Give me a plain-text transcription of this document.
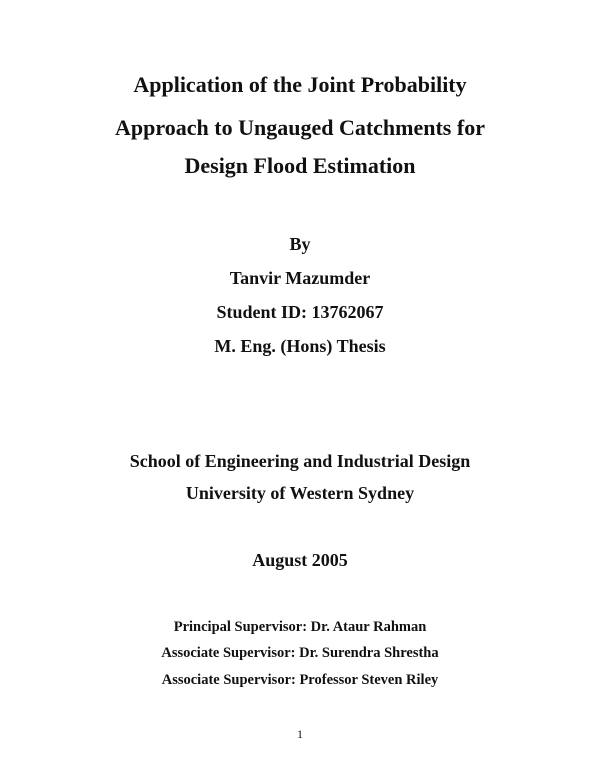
Application of the Joint Probability
Approach to Ungauged Catchments for
Design Flood Estimation
By
Tanvir Mazumder
Student ID: 13762067
M. Eng. (Hons) Thesis
School of Engineering and Industrial Design
University of Western Sydney
August 2005
Principal Supervisor: Dr. Ataur Rahman
Associate Supervisor: Dr. Surendra Shrestha
Associate Supervisor: Professor Steven Riley
1
